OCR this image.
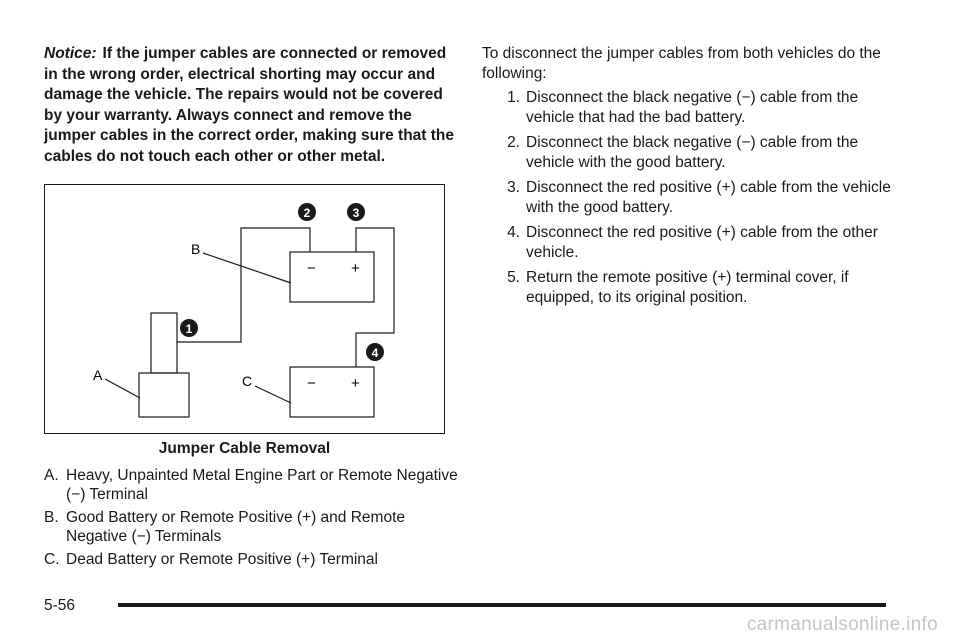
Notice: If the jumper cables are connected or removed in the wrong order, electrical shorting may occur and damage the vehicle. The repairs would not be covered by your warranty. Always connect and remove the jumper cables in the correct order, making sure that the cables do not touch each other or other metal.
− +
− +
B
A	C
1
2	3
4
Jumper Cable Removal
A. Heavy, Unpainted Metal Engine Part or Remote Negative (−) Terminal
B. Good Battery or Remote Positive (+) and Remote Negative (−) Terminals
C. Dead Battery or Remote Positive (+) Terminal
To disconnect the jumper cables from both vehicles do the following:
1. Disconnect the black negative (−) cable from the vehicle that had the bad battery.
2. Disconnect the black negative (−) cable from the vehicle with the good battery.
3. Disconnect the red positive (+) cable from the vehicle with the good battery.
4. Disconnect the red positive (+) cable from the other vehicle.
5. Return the remote positive (+) terminal cover, if equipped, to its original position.
5-56
carmanualsonline.info
